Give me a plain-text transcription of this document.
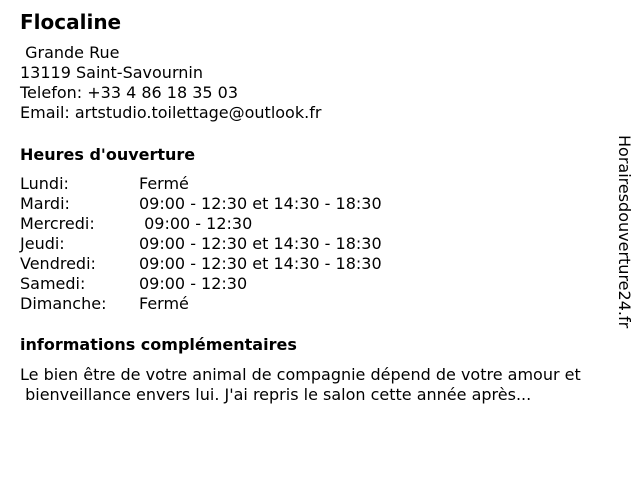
Flocaline
Grande Rue
13119 Saint-Savournin
Telefon: +33 4 86 18 35 03
Email: artstudio.toilettage@outlook.fr
Heures d'ouverture
Lundi:	Fermé
Mardi:	09:00 - 12:30 et 14:30 - 18:30
Mercredi:	09:00 - 12:30
Jeudi:	09:00 - 12:30 et 14:30 - 18:30
Vendredi:	09:00 - 12:30 et 14:30 - 18:30
Samedi:	09:00 - 12:30
Dimanche: Fermé
informations complémentaires
Le bien être de votre animal de compagnie dépend de votre amour et
bienveillance envers lui. J'ai repris le salon cette année après...
Horairesdouverture24.fr
